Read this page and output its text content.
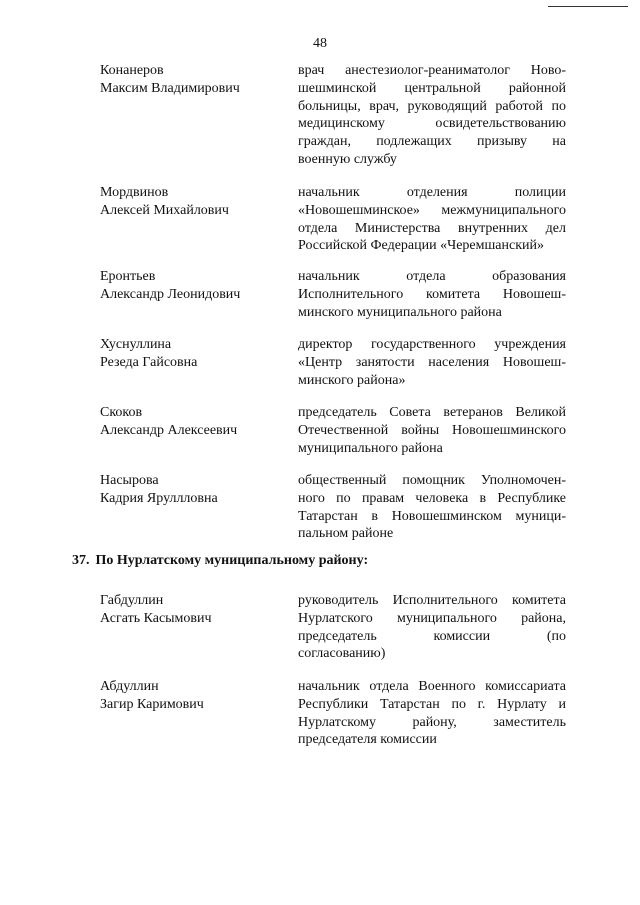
48
Конанеров
Максим Владимирович
врач анестезиолог-реаниматолог Ново-
шешминской центральной районной
больницы, врач, руководящий работой по
медицинскому освидетельствованию
граждан, подлежащих призыву на
военную службу
Мордвинов
Алексей Михайлович
начальник отделения полиции
«Новошешминское» межмуниципального
отдела Министерства внутренних дел
Российской Федерации «Черемшанский»
Еронтьев
Александр Леонидович
начальник отдела образования
Исполнительного комитета Новошеш-
минского муниципального района
Хуснуллина
Резеда Гайсовна
директор государственного учреждения
«Центр занятости населения Новошеш-
минского района»
Скоков
Александр Алексеевич
председатель Совета ветеранов Великой
Отечественной войны Новошешминского
муниципального района
Насырова
Кадрия Яруллловна
общественный помощник Уполномочен-
ного по правам человека в Республике
Татарстан в Новошешминском муници-
пальном районе
37. По Нурлатскому муниципальному району:
Габдуллин
Асгать Касымович
руководитель Исполнительного комитета
Нурлатского муниципального района,
председатель комиссии (по
согласованию)
Абдуллин
Загир Каримович
начальник отдела Военного комиссариата
Республики Татарстан по г. Нурлату и
Нурлатскому району, заместитель
председателя комиссии
